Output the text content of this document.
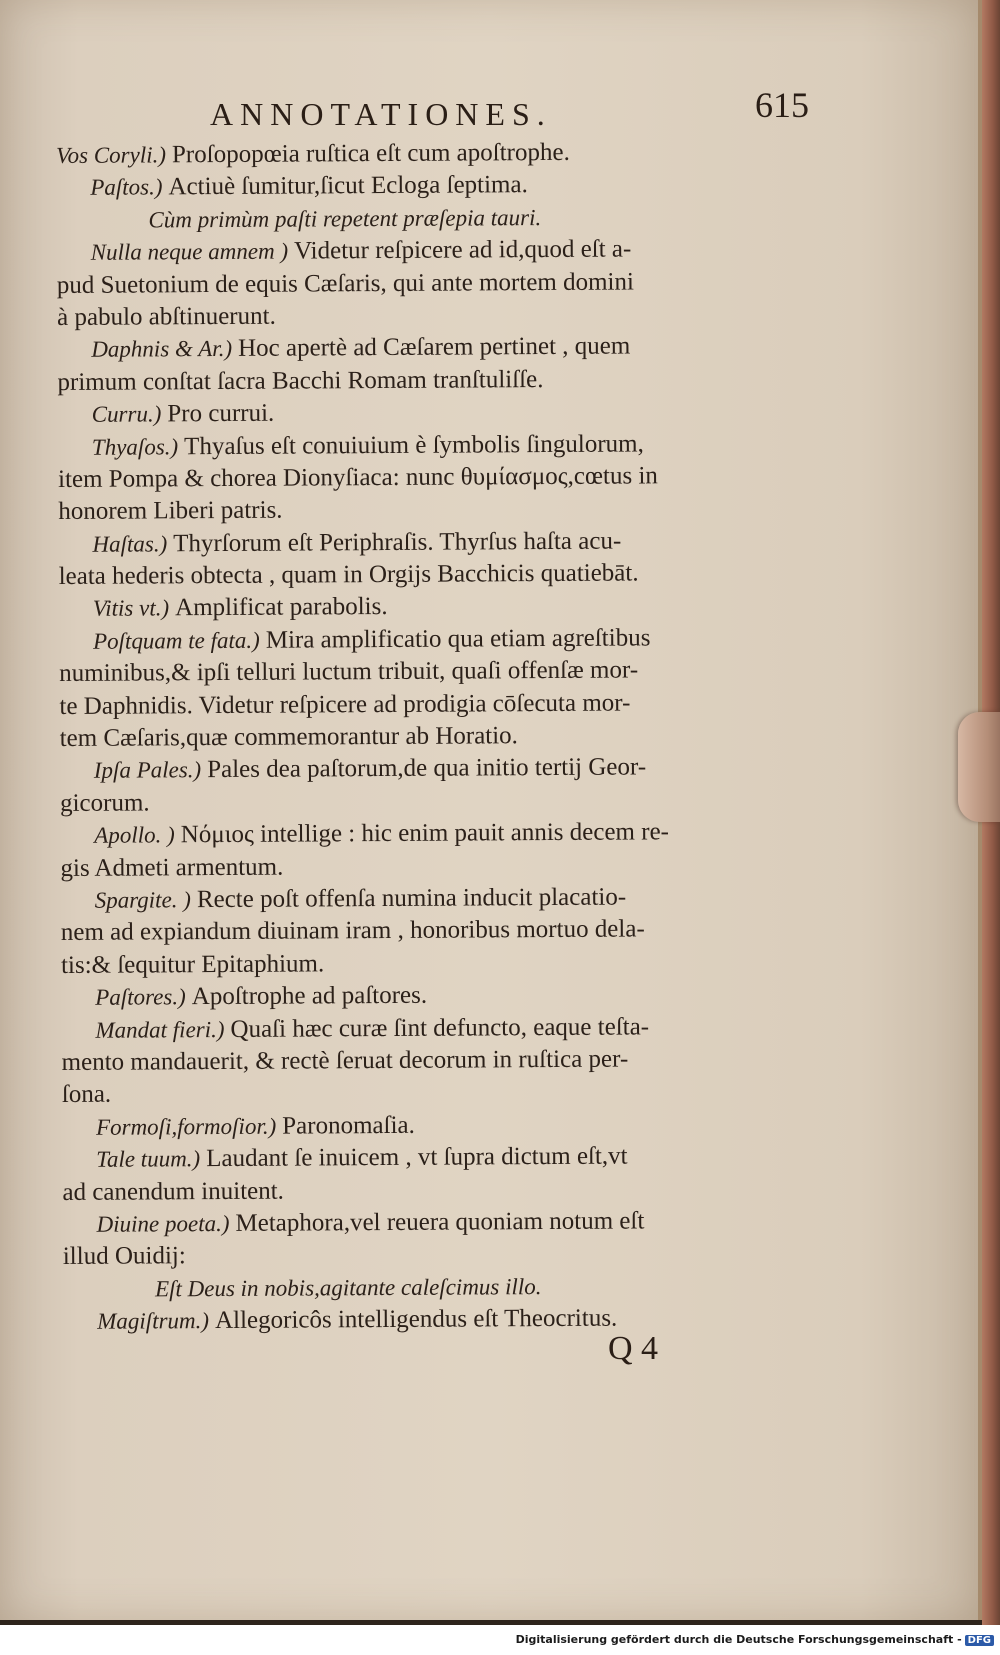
ANNOTATIONES.	615
Vos Coryli.) Proſopopœia ruſtica eſt cum apoſtrophe.
Paſtos.) Actiuè ſumitur,ſicut Ecloga ſeptima.
Cùm primùm paſti repetent præſepia tauri.
Nulla neque amnem ) Videtur reſpicere ad id,quod eſt a-
pud Suetonium de equis Cæſaris, qui ante mortem domini
à pabulo abſtinuerunt.
Daphnis & Ar.) Hoc apertè ad Cæſarem pertinet , quem
primum conſtat ſacra Bacchi Romam tranſtuliſſe.
Curru.) Pro currui.
Thyaſos.) Thyaſus eſt conuiuium è ſymbolis ſingulorum,
item Pompa & chorea Dionyſiaca: nunc θυμίασμος,cœtus in
honorem Liberi patris.
Haſtas.) Thyrſorum eſt Periphraſis. Thyrſus haſta acu-
leata hederis obtecta , quam in Orgijs Bacchicis quatiebāt.
Vitis vt.) Amplificat parabolis.
Poſtquam te fata.) Mira amplificatio qua etiam agreſtibus
numinibus,& ipſi telluri luctum tribuit, quaſi offenſæ mor-
te Daphnidis. Videtur reſpicere ad prodigia cōſecuta mor-
tem Cæſaris,quæ commemorantur ab Horatio.
Ipſa Pales.) Pales dea paſtorum,de qua initio tertij Geor-
gicorum.
Apollo. ) Νόμιος intellige : hic enim pauit annis decem re-
gis Admeti armentum.
Spargite. ) Recte poſt offenſa numina inducit placatio-
nem ad expiandum diuinam iram , honoribus mortuo dela-
tis:& ſequitur Epitaphium.
Paſtores.) Apoſtrophe ad paſtores.
Mandat fieri.) Quaſi hæc curæ ſint defuncto, eaque teſta-
mento mandauerit, & rectè ſeruat decorum in ruſtica per-
ſona.
Formoſi,formoſior.) Paronomaſia.
Tale tuum.) Laudant ſe inuicem , vt ſupra dictum eſt,vt
ad canendum inuitent.
Diuine poeta.) Metaphora,vel reuera quoniam notum eſt
illud Ouidij:
Eſt Deus in nobis,agitante caleſcimus illo.
Magiſtrum.) Allegoricôs intelligendus eſt Theocritus.
Q 4
Digitalisierung gefördert durch die Deutsche Forschungsgemeinschaft - DFG
